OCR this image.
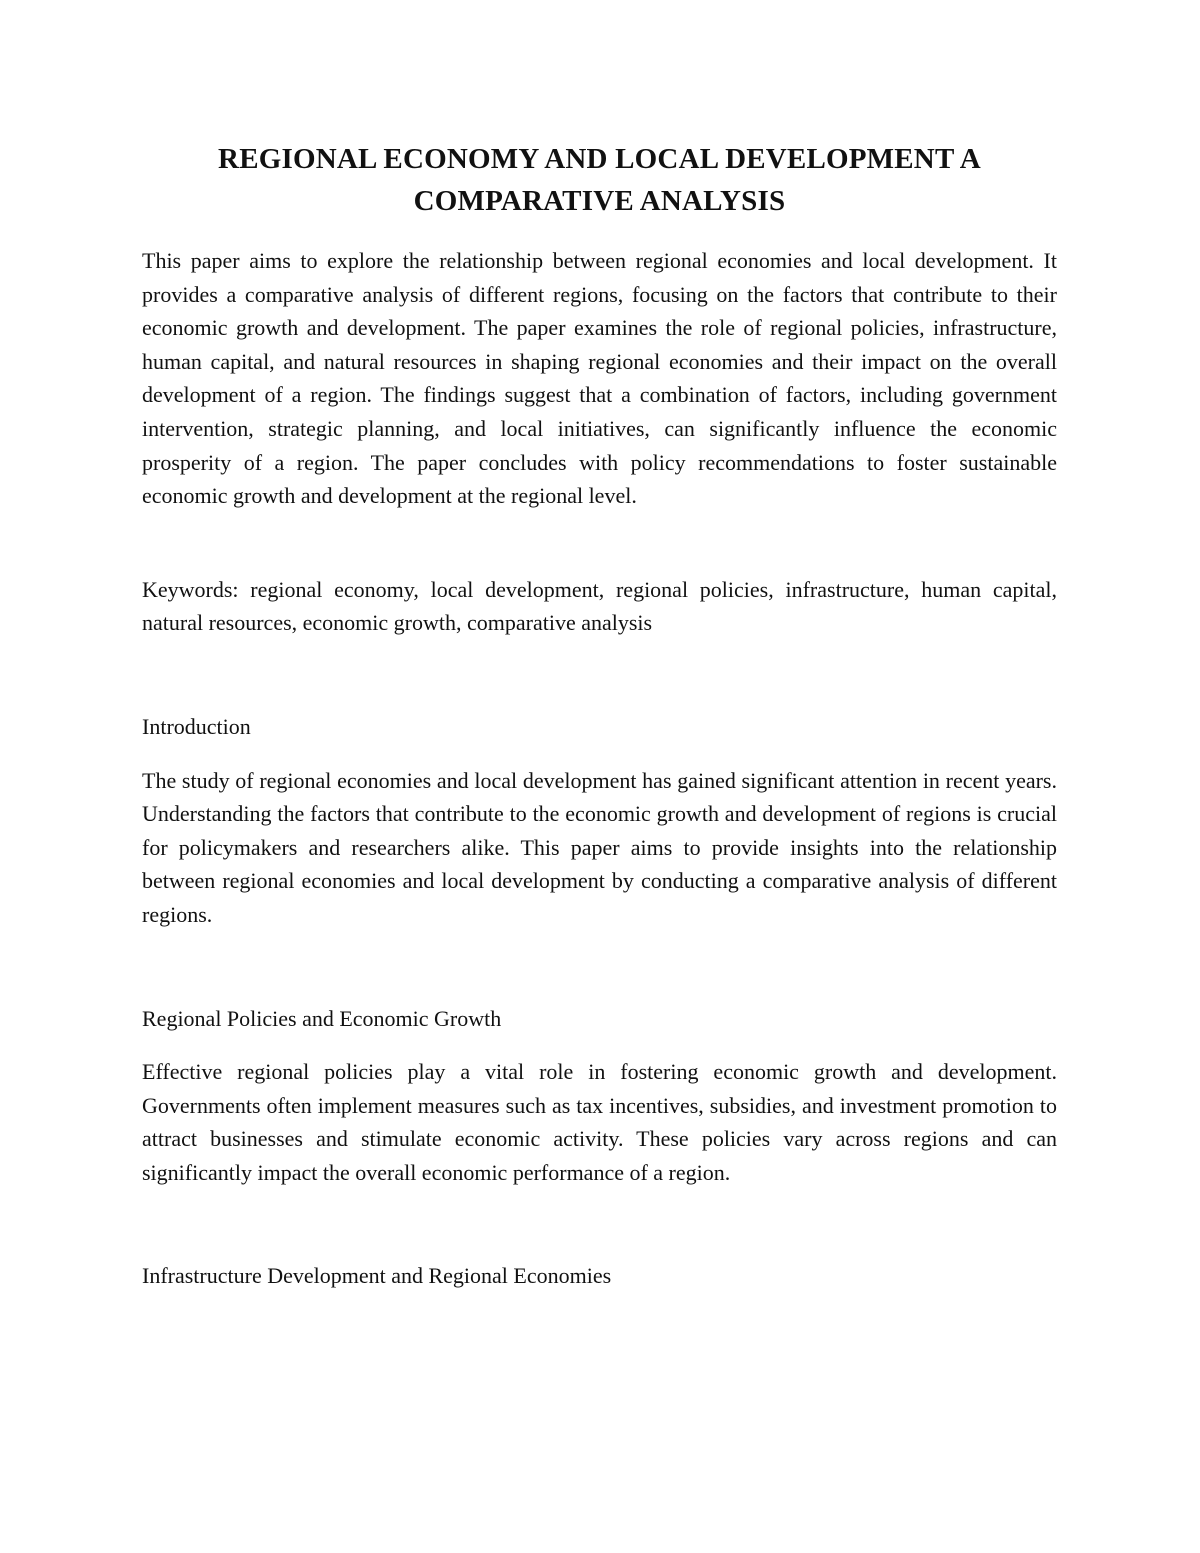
REGIONAL ECONOMY AND LOCAL DEVELOPMENT A COMPARATIVE ANALYSIS

This paper aims to explore the relationship between regional economies and local development. It provides a comparative analysis of different regions, focusing on the factors that contribute to their economic growth and development. The paper examines the role of regional policies, infrastructure, human capital, and natural resources in shaping regional economies and their impact on the overall development of a region. The findings suggest that a combination of factors, including government intervention, strategic planning, and local initiatives, can significantly influence the economic prosperity of a region. The paper concludes with policy recommendations to foster sustainable economic growth and development at the regional level.

Keywords: regional economy, local development, regional policies, infrastructure, human capital, natural resources, economic growth, comparative analysis

Introduction

The study of regional economies and local development has gained significant attention in recent years. Understanding the factors that contribute to the economic growth and development of regions is crucial for policymakers and researchers alike. This paper aims to provide insights into the relationship between regional economies and local development by conducting a comparative analysis of different regions.

Regional Policies and Economic Growth

Effective regional policies play a vital role in fostering economic growth and development. Governments often implement measures such as tax incentives, subsidies, and investment promotion to attract businesses and stimulate economic activity. These policies vary across regions and can significantly impact the overall economic performance of a region.

Infrastructure Development and Regional Economies
